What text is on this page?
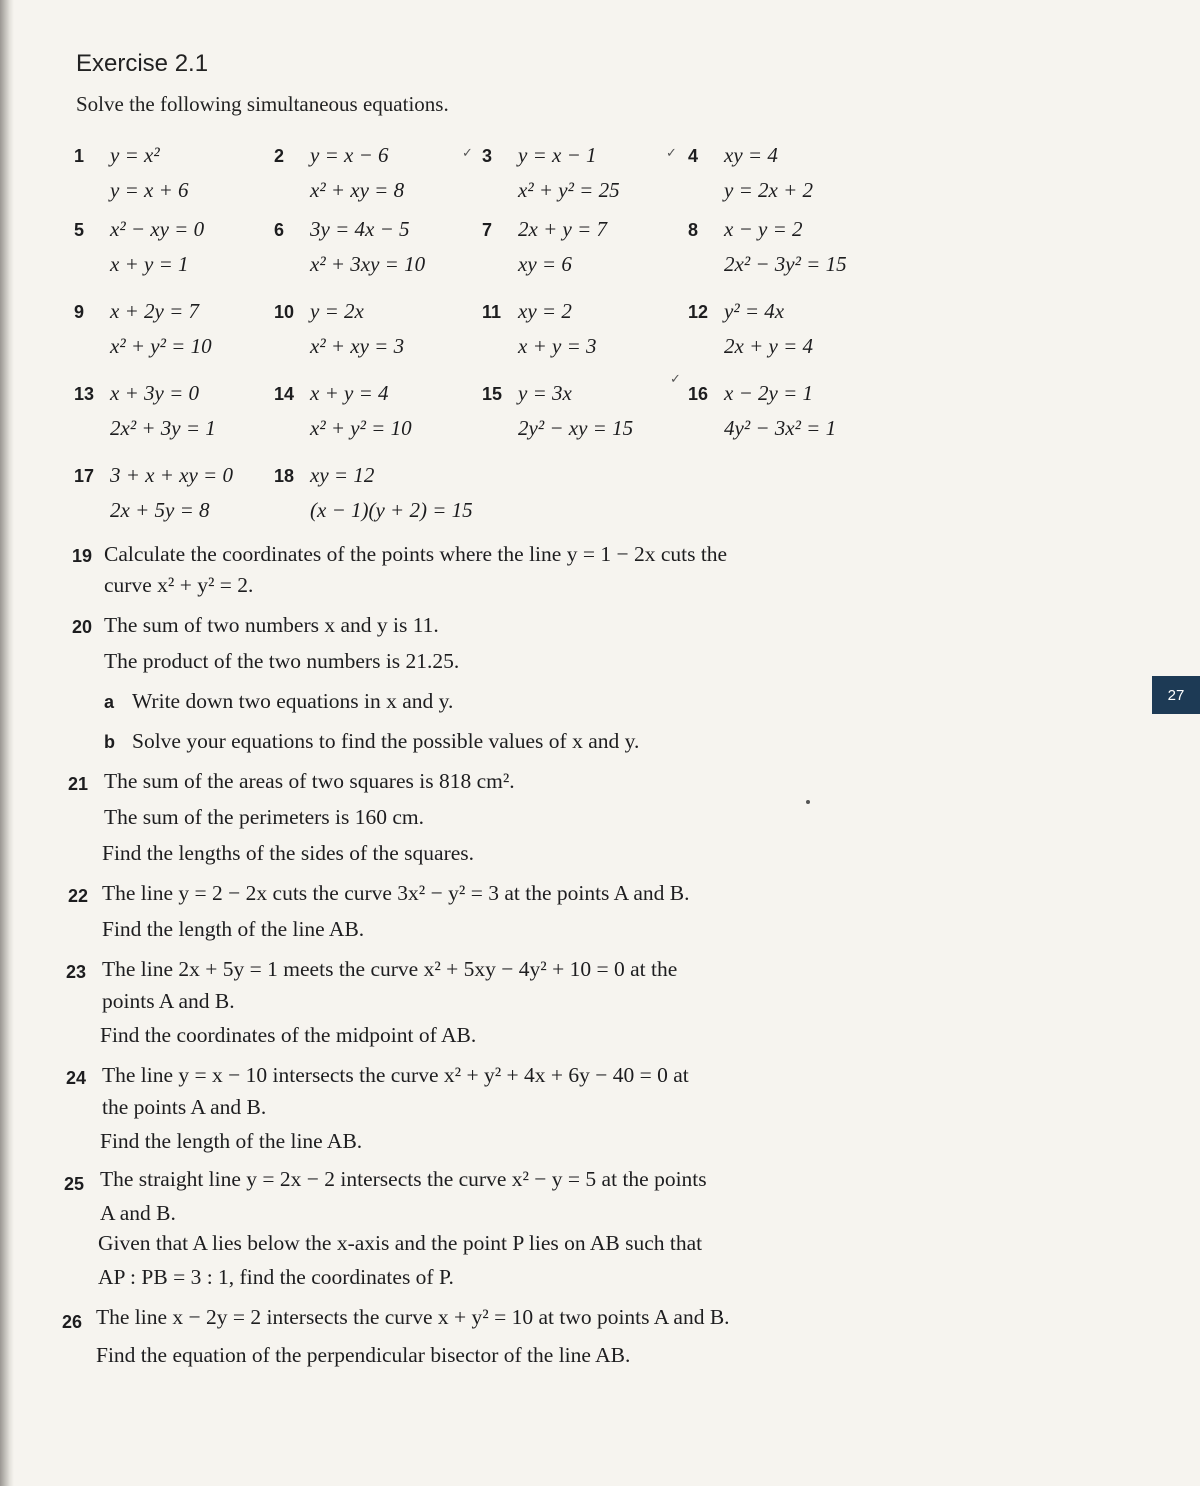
Exercise 2.1
Solve the following simultaneous equations.
1	y = x²
y = x + 6
2	y = x − 6
x² + xy = 8
3	y = x − 1
x² + y² = 25
4	xy = 4
y = 2x + 2
✓	✓
5	x² − xy = 0
x + y = 1
6	3y = 4x − 5
x² + 3xy = 10
7	2x + y = 7
xy = 6
8	x − y = 2
2x² − 3y² = 15
9	x + 2y = 7
x² + y² = 10
10 y = 2x
x² + xy = 3
11 xy = 2
x + y = 3
12 y² = 4x
2x + y = 4
13 x + 3y = 0
2x² + 3y = 1
14 x + y = 4
x² + y² = 10
15 y = 3x
2y² − xy = 15
16 x − 2y = 1
4y² − 3x² = 1
✓
17 3 + x + xy = 0
2x + 5y = 8
18 xy = 12
(x − 1)(y + 2) = 15
19 Calculate the coordinates of the points where the line y = 1 − 2x cuts the
curve x² + y² = 2.
20 The sum of two numbers x and y is 11.
The product of the two numbers is 21.25.
a Write down two equations in x and y.
b Solve your equations to find the possible values of x and y.
21 The sum of the areas of two squares is 818 cm².
The sum of the perimeters is 160 cm.
Find the lengths of the sides of the squares.
22 The line y = 2 − 2x cuts the curve 3x² − y² = 3 at the points A and B.
Find the length of the line AB.
23 The line 2x + 5y = 1 meets the curve x² + 5xy − 4y² + 10 = 0 at the
points A and B.
Find the coordinates of the midpoint of AB.
24 The line y = x − 10 intersects the curve x² + y² + 4x + 6y − 40 = 0 at
the points A and B.
Find the length of the line AB.
25 The straight line y = 2x − 2 intersects the curve x² − y = 5 at the points
A and B.
Given that A lies below the x-axis and the point P lies on AB such that
AP : PB = 3 : 1, find the coordinates of P.
26 The line x − 2y = 2 intersects the curve x + y² = 10 at two points A and B.
Find the equation of the perpendicular bisector of the line AB.
27
